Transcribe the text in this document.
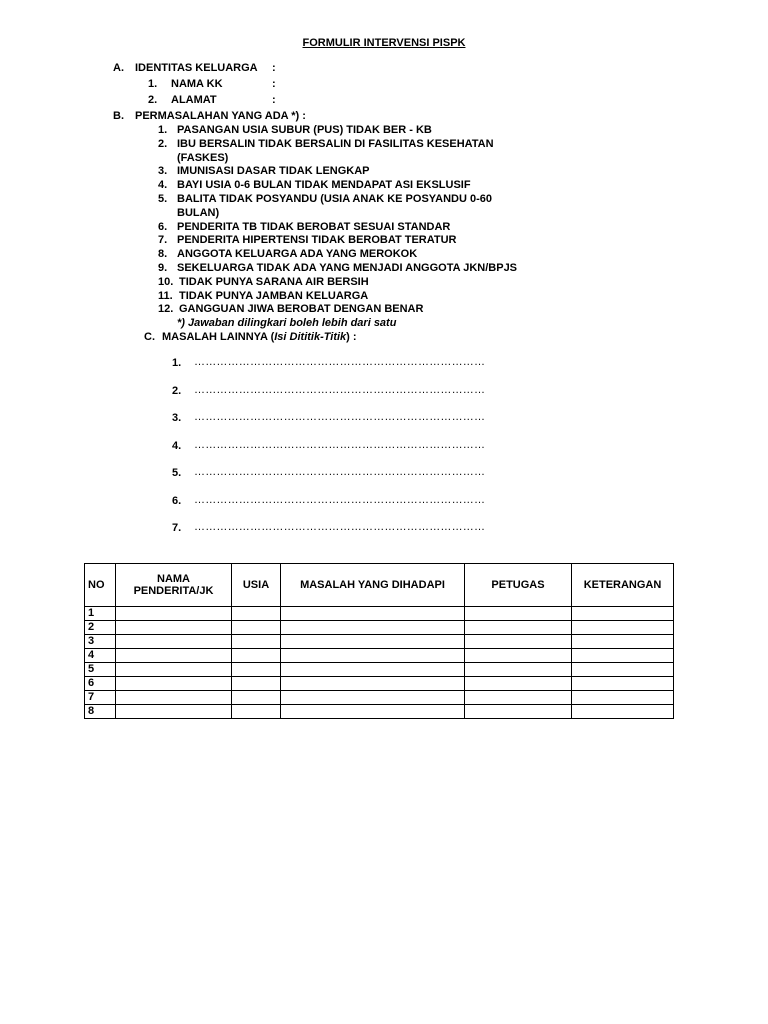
FORMULIR INTERVENSI PISPK
A. IDENTITAS KELUARGA :
1. NAMA KK	:
2. ALAMAT	:
B. PERMASALAHAN YANG ADA *) :
1. PASANGAN USIA SUBUR (PUS) TIDAK BER - KB
2. IBU BERSALIN TIDAK BERSALIN DI FASILITAS KESEHATAN (FASKES)
3. IMUNISASI DASAR TIDAK LENGKAP
4. BAYI USIA 0-6 BULAN TIDAK MENDAPAT ASI EKSLUSIF
5. BALITA TIDAK POSYANDU (USIA ANAK KE POSYANDU 0-60 BULAN)
6. PENDERITA TB TIDAK BEROBAT SESUAI STANDAR
7. PENDERITA HIPERTENSI TIDAK BEROBAT TERATUR
8. ANGGOTA KELUARGA ADA YANG MEROKOK
9. SEKELUARGA TIDAK ADA YANG MENJADI ANGGOTA JKN/BPJS
10. TIDAK PUNYA SARANA AIR BERSIH
11. TIDAK PUNYA JAMBAN KELUARGA
12. GANGGUAN JIWA BEROBAT DENGAN BENAR
*) Jawaban dilingkari boleh lebih dari satu
C. MASALAH LAINNYA (Isi Dititik-Titik) :
1. ……………………………………………………………………
2. ……………………………………………………………………
3. ……………………………………………………………………
4. ……………………………………………………………………
5. ……………………………………………………………………
6. ……………………………………………………………………
7. ……………………………………………………………………
NO	NAMA PENDERITA/JK	USIA	MASALAH YANG DIHADAPI	PETUGAS	KETERANGAN
1					
2					
3					
4					
5					
6					
7					
8					
